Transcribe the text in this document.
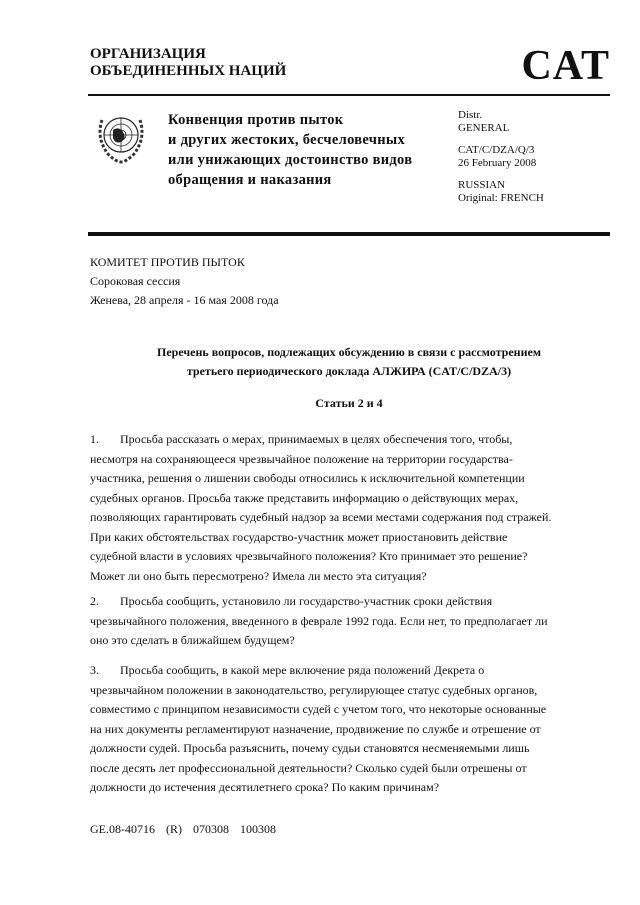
ОРГАНИЗАЦИЯ
ОБЪЕДИНЕННЫХ НАЦИЙ	CAT
Конвенция против пыток
и других жестоких, бесчеловечных
или унижающих достоинство видов
обращения и наказания
Distr.
GENERAL
CAT/C/DZA/Q/3
26 February 2008
RUSSIAN
Original: FRENCH
КОМИТЕТ ПРОТИВ ПЫТОК
Сороковая сессия
Женева, 28 апреля - 16 мая 2008 года
Перечень вопросов, подлежащих обсуждению в связи с рассмотрением
третьего периодического доклада АЛЖИРА (CAT/C/DZA/3)
Статьи 2 и 4
1. Просьба рассказать о мерах, принимаемых в целях обеспечения того, чтобы,
несмотря на сохраняющееся чрезвычайное положение на территории государства-
участника, решения о лишении свободы относились к исключительной компетенции
судебных органов. Просьба также представить информацию о действующих мерах,
позволяющих гарантировать судебный надзор за всеми местами содержания под стражей.
При каких обстоятельствах государство-участник может приостановить действие
судебной власти в условиях чрезвычайного положения? Кто принимает это решение?
Может ли оно быть пересмотрено? Имела ли место эта ситуация?
2. Просьба сообщить, установило ли государство-участник сроки действия
чрезвычайного положения, введенного в феврале 1992 года. Если нет, то предполагает ли
оно это сделать в ближайшем будущем?
3. Просьба сообщить, в какой мере включение ряда положений Декрета о
чрезвычайном положении в законодательство, регулирующее статус судебных органов,
совместимо с принципом независимости судей с учетом того, что некоторые основанные
на них документы регламентируют назначение, продвижение по службе и отрешение от
должности судей. Просьба разъяснить, почему судьи становятся несменяемыми лишь
после десять лет профессиональной деятельности? Сколько судей были отрешены от
должности до истечения десятилетнего срока? По каким причинам?
GE.08-40716 (R) 070308 100308
